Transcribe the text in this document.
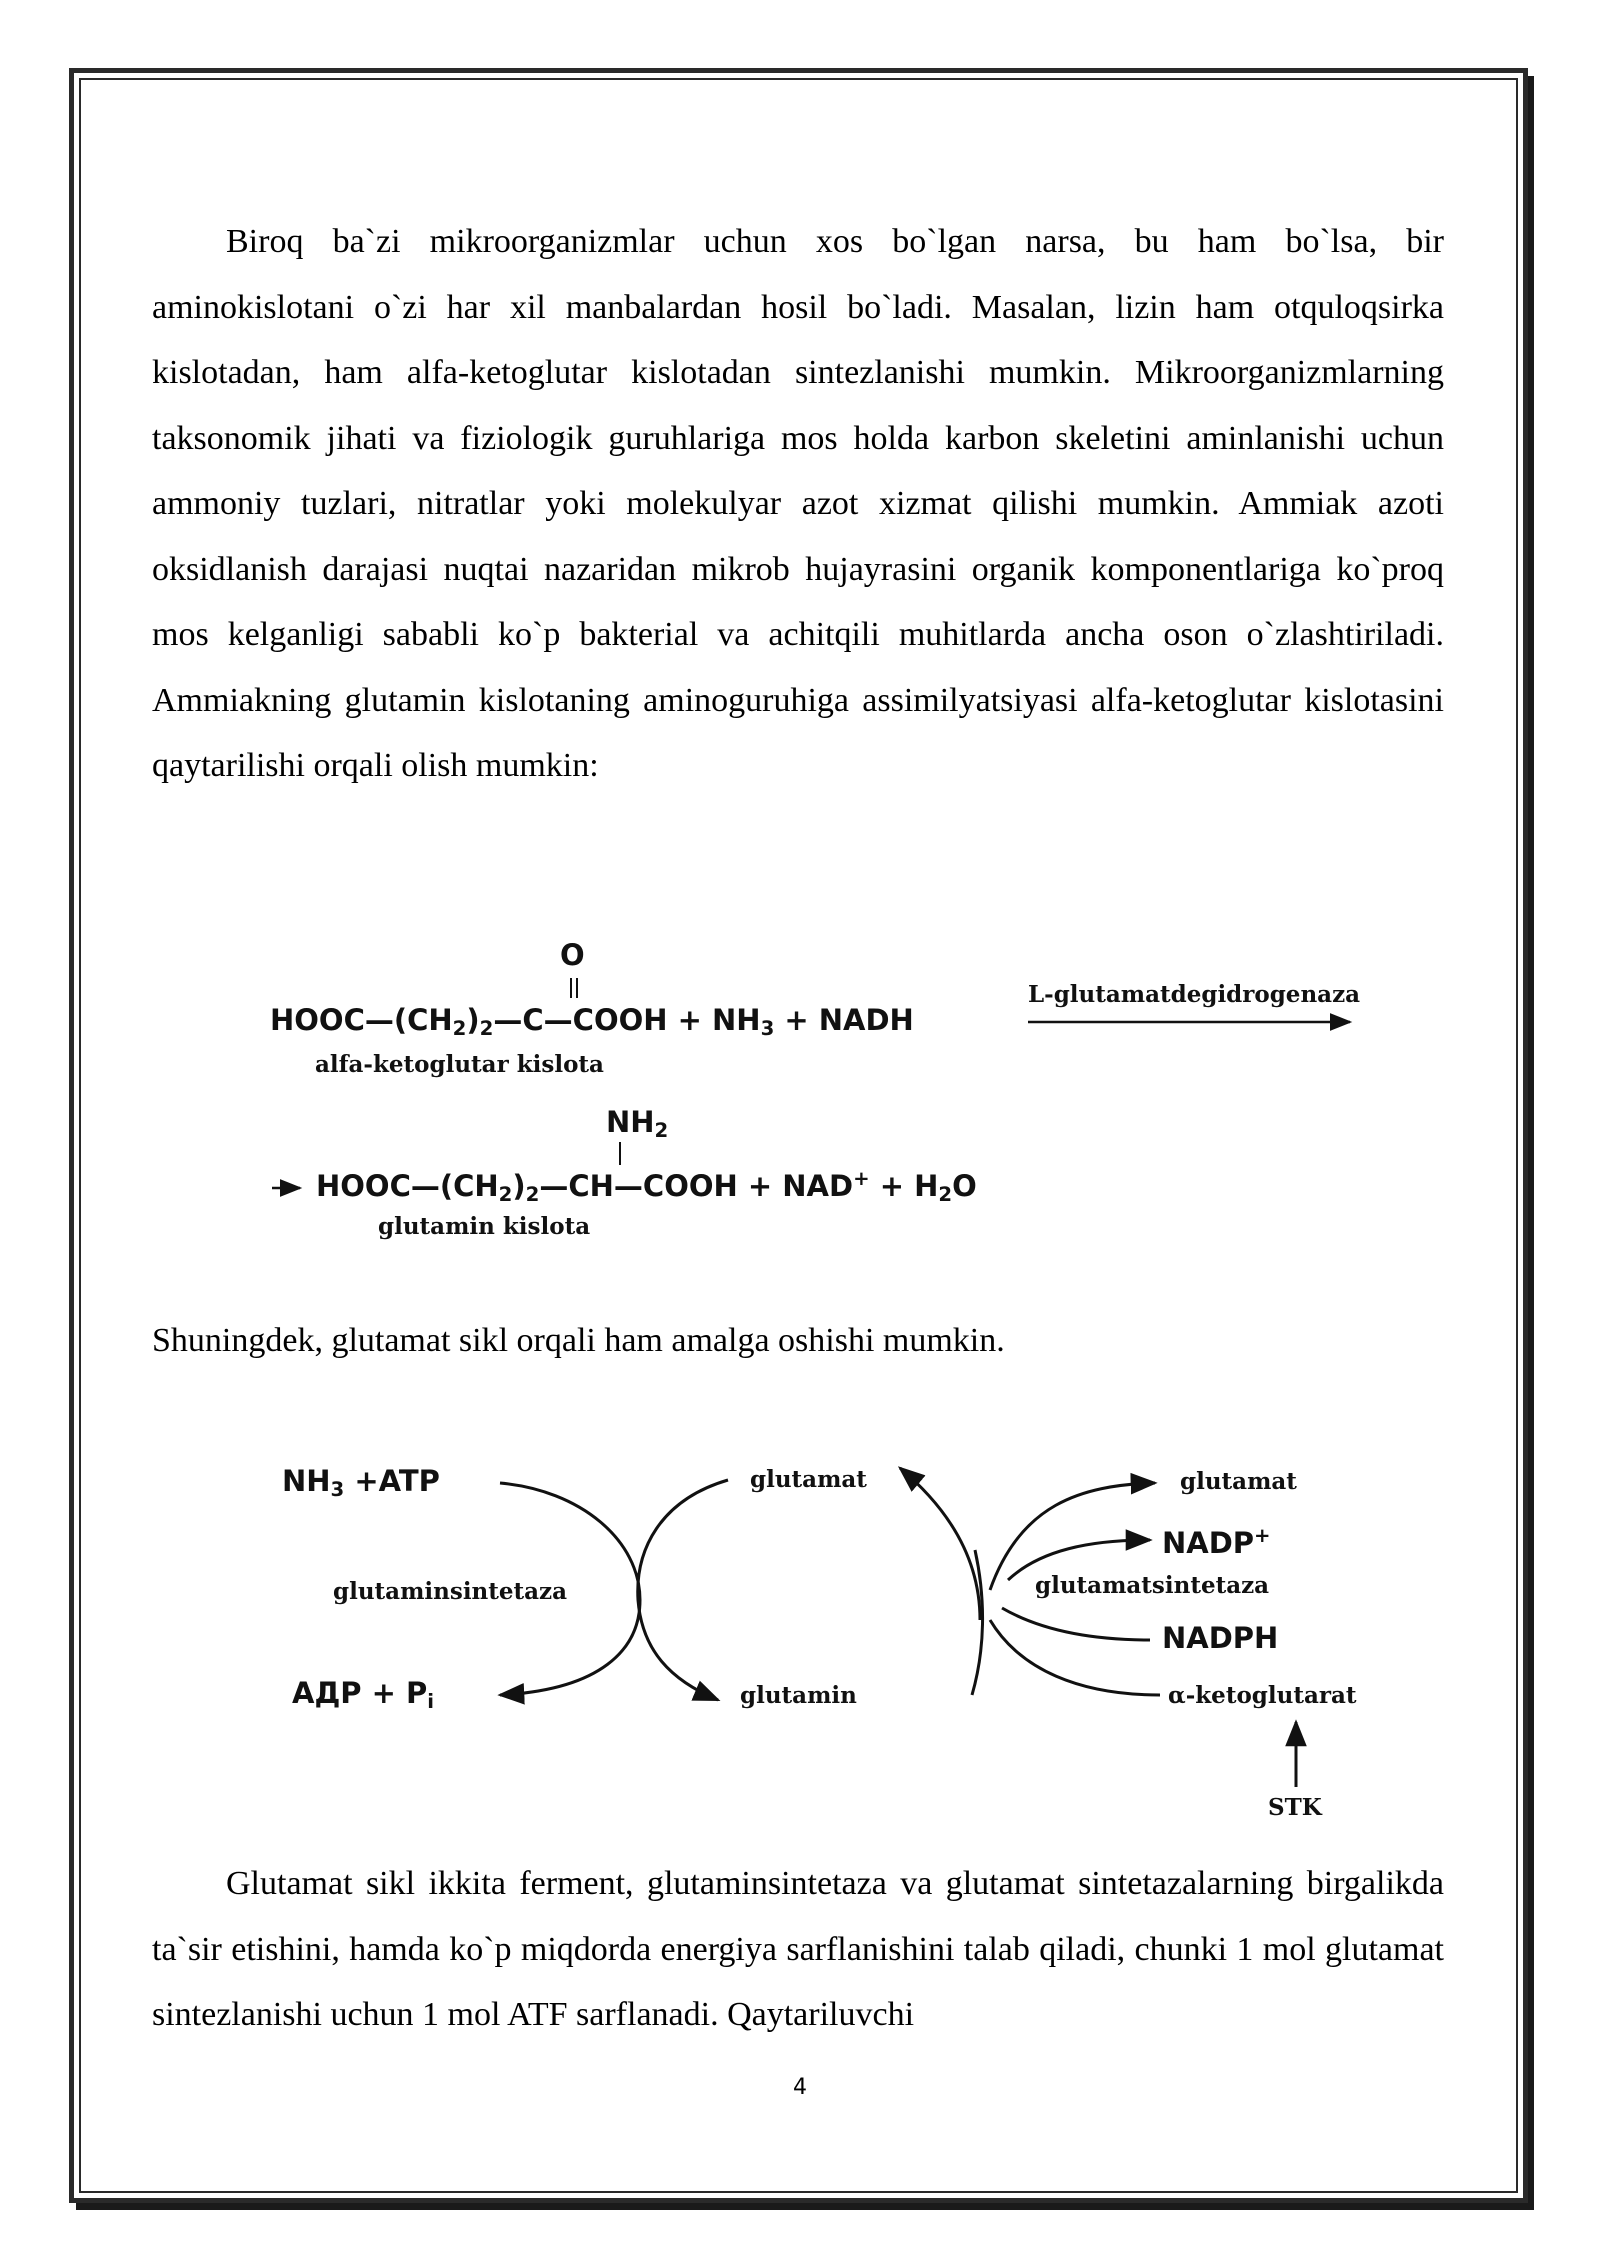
Biroq ba`zi mikroorganizmlar uchun xos bo`lgan narsa, bu ham bo`lsa, bir aminokislotani o`zi har xil manbalardan hosil bo`ladi. Masalan, lizin ham otquloqsirka kislotadan, ham alfa-ketoglutar kislotadan sintezlanishi mumkin. Mikroorganizmlarning taksonomik jihati va fiziologik guruhlariga mos holda karbon skeletini aminlanishi uchun ammoniy tuzlari, nitratlar yoki molekulyar azot xizmat qilishi mumkin. Ammiak azoti oksidlanish darajasi nuqtai nazaridan mikrob hujayrasini organik komponentlariga ko`proq mos kelganligi sababli ko`p bakterial va achitqili muhitlarda ancha oson o`zlashtiriladi. Ammiakning glutamin kislotaning aminoguruhiga assimilyatsiyasi alfa-ketoglutar kislotasini qaytarilishi orqali olish mumkin:

O
$HOOC—(CH_2)_2—C—COOH + NH_3$ + NADH
L-glutamatdegidrogenaza
alfa-ketoglutar kislota
$NH_2$
$HOOC—(CH_2)_2—CH—COOH + NAD^+ + H_2O$
glutamin kislota

Shuningdek, glutamat sikl orqali ham amalga oshishi mumkin.

$NH_3 +ATP$
glutaminsintetaza
АДР + $P_i$
glutamat
glutamin
glutamat
NADP+
glutamatsintetaza
NADPH
α-ketoglutarat
STK

Glutamat sikl ikkita ferment, glutaminsintetaza va glutamat sintetazalarning birgalikda ta`sir etishini, hamda ko`p miqdorda energiya sarflanishini talab qiladi, chunki 1 mol glutamat sintezlanishi uchun 1 mol ATF sarflanadi. Qaytariluvchi

4
